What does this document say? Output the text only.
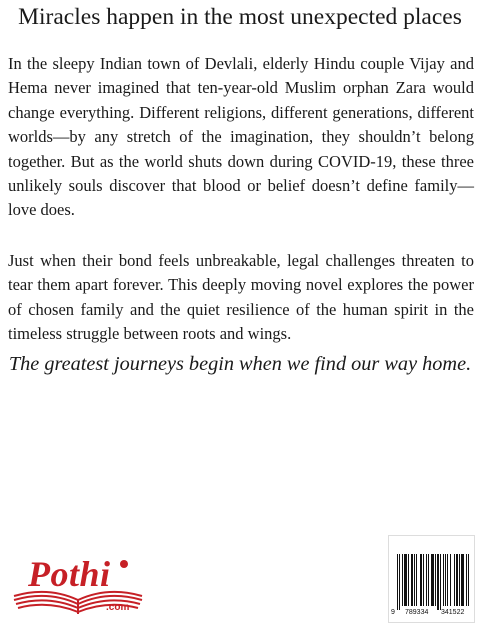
Miracles happen in the most unexpected places

In the sleepy Indian town of Devlali, elderly Hindu couple Vijay and Hema never imagined that ten-year-old Muslim orphan Zara would change everything. Different religions, different generations, different worlds—by any stretch of the imagination, they shouldn’t belong together. But as the world shuts down during COVID-19, these three unlikely souls discover that blood or belief doesn’t define family—love does.

Just when their bond feels unbreakable, legal challenges threaten to tear them apart forever. This deeply moving novel explores the power of chosen family and the quiet resilience of the human spirit in the timeless struggle between roots and wings.

The greatest journeys begin when we find our way home.
Pothi
.com	9 789334 341522
